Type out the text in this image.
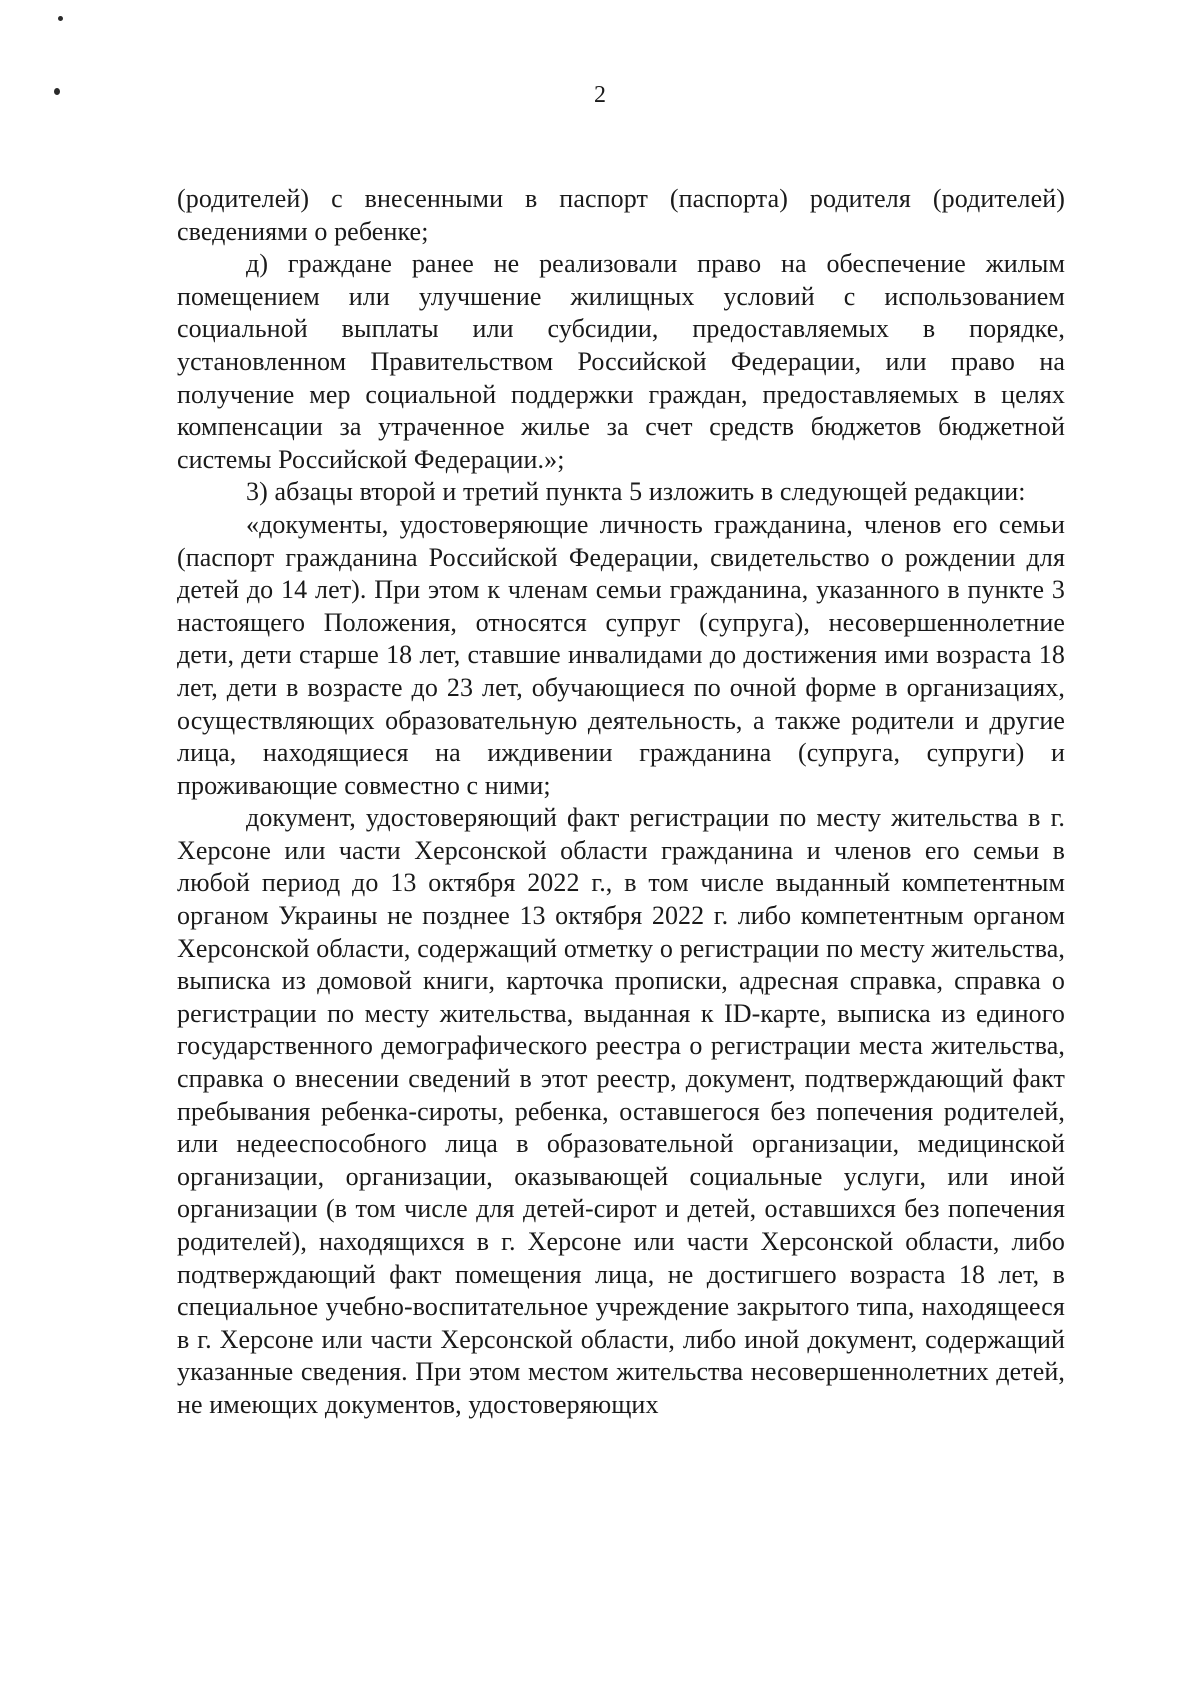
2

(родителей) с внесенными в паспорт (паспорта) родителя (родителей) сведениями о ребенке;

д) граждане ранее не реализовали право на обеспечение жилым помещением или улучшение жилищных условий с использованием социальной выплаты или субсидии, предоставляемых в порядке, установленном Правительством Российской Федерации, или право на получение мер социальной поддержки граждан, предоставляемых в целях компенсации за утраченное жилье за счет средств бюджетов бюджетной системы Российской Федерации.»;

3) абзацы второй и третий пункта 5 изложить в следующей редакции:

«документы, удостоверяющие личность гражданина, членов его семьи (паспорт гражданина Российской Федерации, свидетельство о рождении для детей до 14 лет). При этом к членам семьи гражданина, указанного в пункте 3 настоящего Положения, относятся супруг (супруга), несовершеннолетние дети, дети старше 18 лет, ставшие инвалидами до достижения ими возраста 18 лет, дети в возрасте до 23 лет, обучающиеся по очной форме в организациях, осуществляющих образовательную деятельность, а также родители и другие лица, находящиеся на иждивении гражданина (супруга, супруги) и проживающие совместно с ними;

документ, удостоверяющий факт регистрации по месту жительства в г. Херсоне или части Херсонской области гражданина и членов его семьи в любой период до 13 октября 2022 г., в том числе выданный компетентным органом Украины не позднее 13 октября 2022 г. либо компетентным органом Херсонской области, содержащий отметку о регистрации по месту жительства, выписка из домовой книги, карточка прописки, адресная справка, справка о регистрации по месту жительства, выданная к ID-карте, выписка из единого государственного демографического реестра о регистрации места жительства, справка о внесении сведений в этот реестр, документ, подтверждающий факт пребывания ребенка-сироты, ребенка, оставшегося без попечения родителей, или недееспособного лица в образовательной организации, медицинской организации, организации, оказывающей социальные услуги, или иной организации (в том числе для детей-сирот и детей, оставшихся без попечения родителей), находящихся в г. Херсоне или части Херсонской области, либо подтверждающий факт помещения лица, не достигшего возраста 18 лет, в специальное учебно-воспитательное учреждение закрытого типа, находящееся в г. Херсоне или части Херсонской области, либо иной документ, содержащий указанные сведения. При этом местом жительства несовершеннолетних детей, не имеющих документов, удостоверяющих
